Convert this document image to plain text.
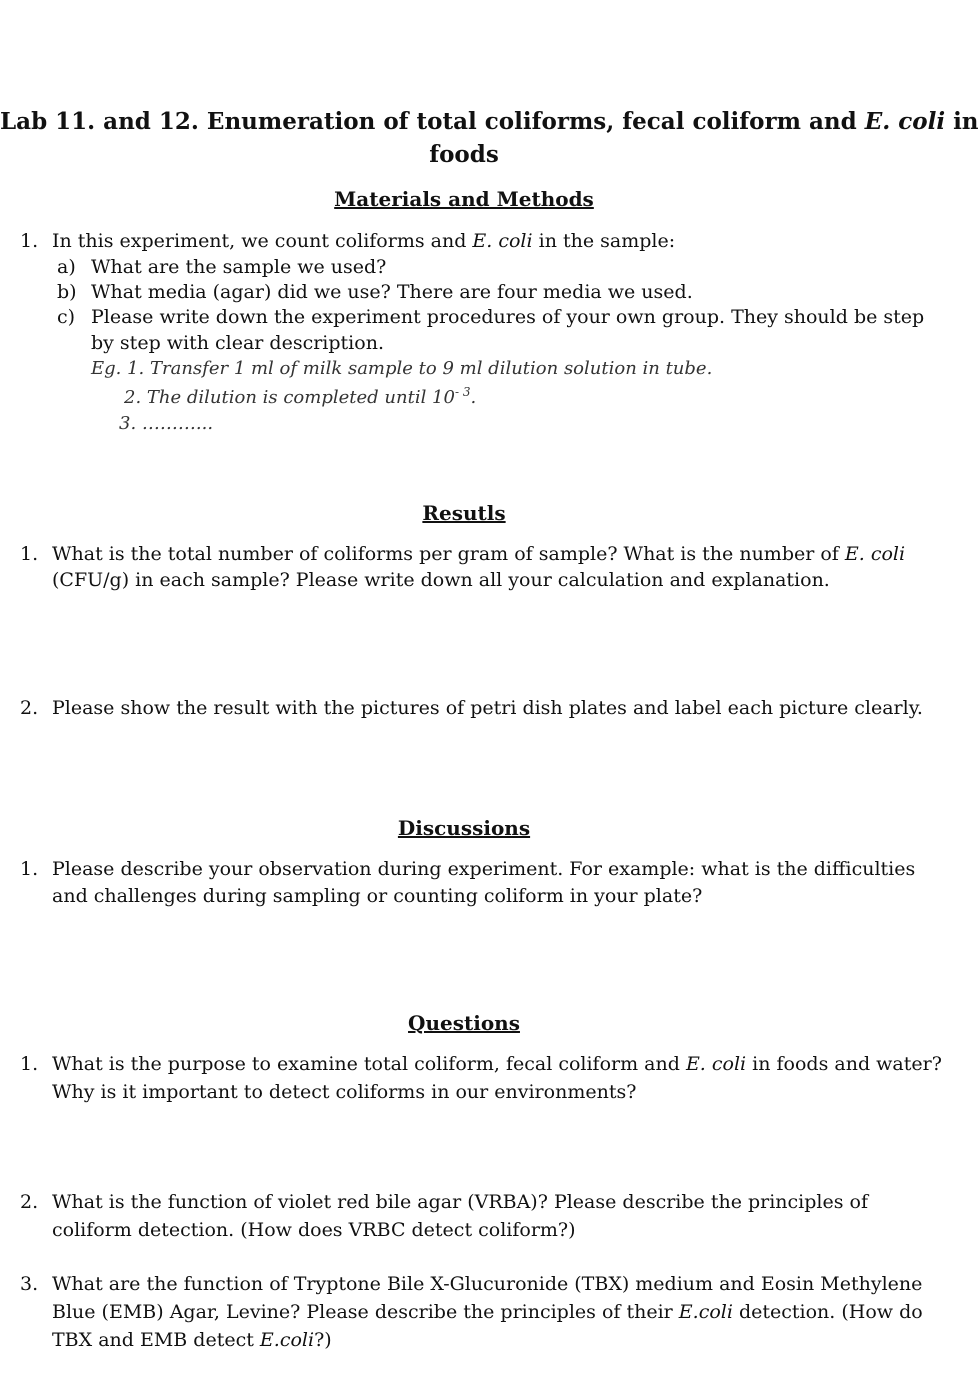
Lab 11. and 12. Enumeration of total coliforms, fecal coliform and E. coli in
foods
Materials and Methods
1. In this experiment, we count coliforms and E. coli in the sample:
a) What are the sample we used?
b) What media (agar) did we use? There are four media we used.
c) Please write down the experiment procedures of your own group. They should be step
by step with clear description.
Eg. 1. Transfer 1 ml of milk sample to 9 ml dilution solution in tube.
2. The dilution is completed until $10^{- 3}$.
3. ………...
Resutls
1. What is the total number of coliforms per gram of sample? What is the number of E. coli
(CFU/g) in each sample? Please write down all your calculation and explanation.
2. Please show the result with the pictures of petri dish plates and label each picture clearly.
Discussions
1. Please describe your observation during experiment. For example: what is the difficulties
and challenges during sampling or counting coliform in your plate?
Questions
1. What is the purpose to examine total coliform, fecal coliform and E. coli in foods and water?
Why is it important to detect coliforms in our environments?
2. What is the function of violet red bile agar (VRBA)? Please describe the principles of
coliform detection. (How does VRBC detect coliform?)
3. What are the function of Tryptone Bile X-Glucuronide (TBX) medium and Eosin Methylene
Blue (EMB) Agar, Levine? Please describe the principles of their E.coli detection. (How do
TBX and EMB detect E.coli?)
